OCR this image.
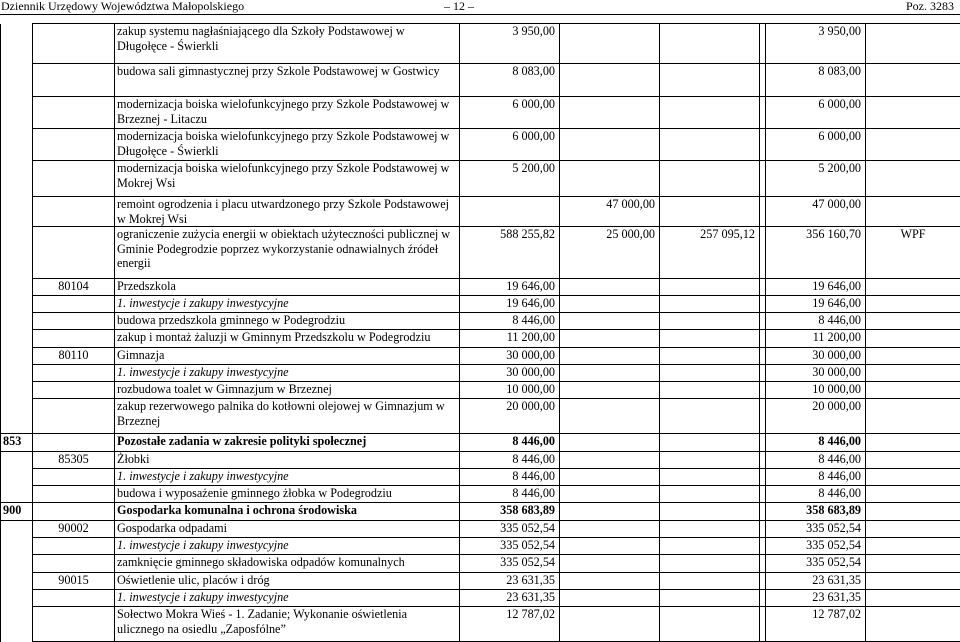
Dziennik Urzędowy Województwa Małopolskiego	– 12 –	Poz. 3283
		zakup systemu nagłaśniającego dla Szkoły Podstawowej w Długołęce - Świerkli	3 950,00				3 950,00	
		budowa sali gimnastycznej przy Szkole Podstawowej w Gostwicy	8 083,00				8 083,00	
		modernizacja boiska wielofunkcyjnego przy Szkole Podstawowej w Brzeznej - Litaczu	6 000,00				6 000,00	
		modernizacja boiska wielofunkcyjnego przy Szkole Podstawowej w Długołęce - Świerkli	6 000,00				6 000,00	
		modernizacja boiska wielofunkcyjnego przy Szkole Podstawowej w Mokrej Wsi	5 200,00				5 200,00	
		remoint ogrodzenia i placu utwardzonego przy Szkole Podstawowej w Mokrej Wsi		47 000,00			47 000,00	
		ograniczenie zużycia energii w obiektach użyteczności publicznej w Gminie Podegrodzie poprzez wykorzystanie odnawialnych źródeł energii	588 255,82	25 000,00	257 095,12		356 160,70	WPF
	80104	Przedszkola	19 646,00				19 646,00	
		1. inwestycje i zakupy inwestycyjne	19 646,00				19 646,00	
		budowa przedszkola gminnego w Podegrodziu	8 446,00				8 446,00	
		zakup i montaż żaluzji w Gminnym Przedszkolu w Podegrodziu	11 200,00				11 200,00	
	80110	Gimnazja	30 000,00				30 000,00	
		1. inwestycje i zakupy inwestycyjne	30 000,00				30 000,00	
		rozbudowa toalet w Gimnazjum w Brzeznej	10 000,00				10 000,00	
		zakup rezerwowego palnika do kotłowni olejowej w Gimnazjum w Brzeznej	20 000,00				20 000,00	
853		Pozostałe zadania w zakresie polityki społecznej	8 446,00				8 446,00	
	85305	Żłobki	8 446,00				8 446,00	
		1. inwestycje i zakupy inwestycyjne	8 446,00				8 446,00	
		budowa i wyposażenie gminnego żłobka w Podegrodziu	8 446,00				8 446,00	
900		Gospodarka komunalna i ochrona środowiska	358 683,89				358 683,89	
	90002	Gospodarka odpadami	335 052,54				335 052,54	
		1. inwestycje i zakupy inwestycyjne	335 052,54				335 052,54	
		zamknięcie gminnego składowiska odpadów komunalnych	335 052,54				335 052,54	
	90015	Oświetlenie ulic, placów i dróg	23 631,35				23 631,35	
		1. inwestycje i zakupy inwestycyjne	23 631,35				23 631,35	
		Sołectwo Mokra Wieś - 1. Zadanie; Wykonanie oświetlenia ulicznego na osiedlu „Zaposfólne”	12 787,02				12 787,02	
